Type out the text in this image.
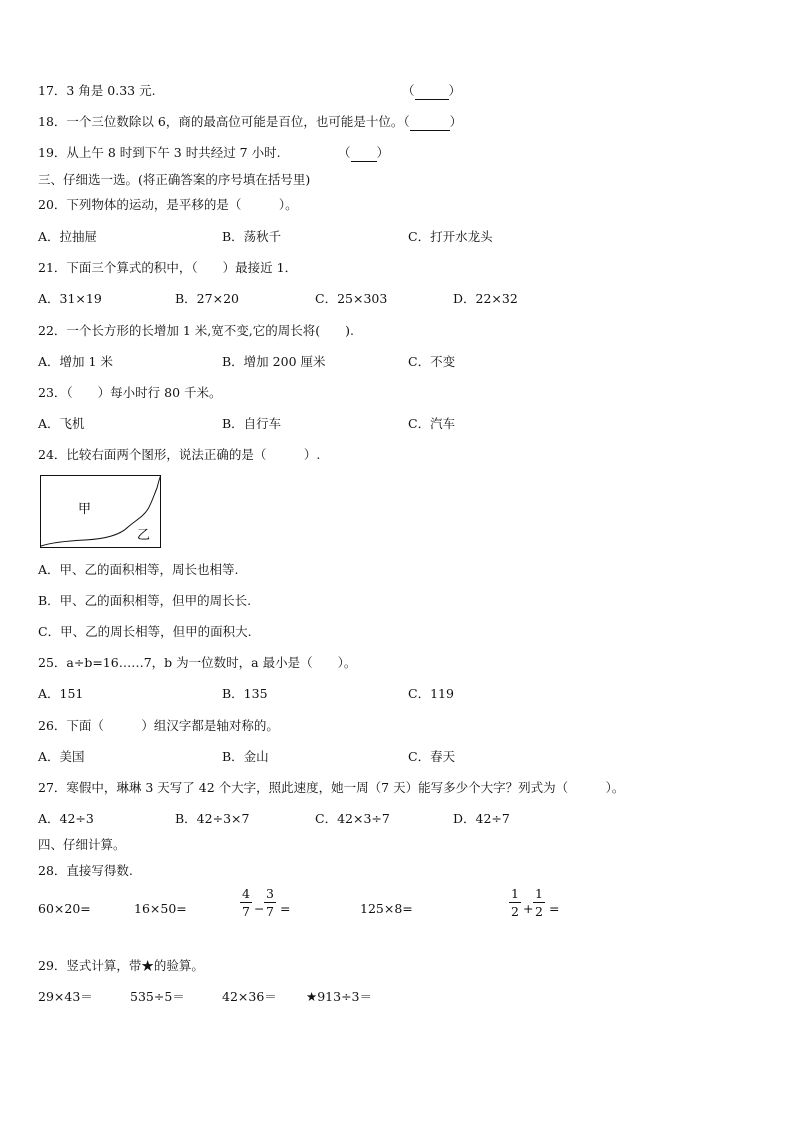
17．3 角是 0.33 元.	（	）
18．一个三位数除以 6，商的最高位可能是百位，也可能是十位。（	）
19．从上午 8 时到下午 3 时共经过 7 小时.	（ ）
三、仔细选一选。(将正确答案的序号填在括号里)
20．下列物体的运动，是平移的是（　　　）。
A．拉抽屉	B．荡秋千	C．打开水龙头
21．下面三个算式的积中，（　　）最接近 1．
A．31×19	B．27×20	C．25×303	D．22×32
22．一个长方形的长增加 1 米,宽不变,它的周长将(　　).
A．增加 1 米	B．增加 200 厘米	C．不变
23．（　　）每小时行 80 千米。
A．飞机	B．自行车	C．汽车
24．比较右面两个图形，说法正确的是（　　　）.
甲
乙
A．甲、乙的面积相等，周长也相等.
B．甲、乙的面积相等，但甲的周长长.
C．甲、乙的周长相等，但甲的面积大.
25．a÷b=16……7，b 为一位数时，a 最小是（　　）。
A．151	B．135	C．119
26．下面（　　　）组汉字都是轴对称的。
A．美国	B．金山	C．春天
27．寒假中，琳琳 3 天写了 42 个大字，照此速度，她一周（7 天）能写多少个大字？列式为（　　　）。
A．42÷3	B．42÷3×7	C．42×3÷7	D．42÷7
四、仔细计算。
28．直接写得数.
60×20=	16×50=
4
7 −
3
7 =	125×8=
1
2 +
1
2 =
29．竖式计算，带★的验算。
29×43＝	535÷5＝	42×36＝ ★913÷3＝
